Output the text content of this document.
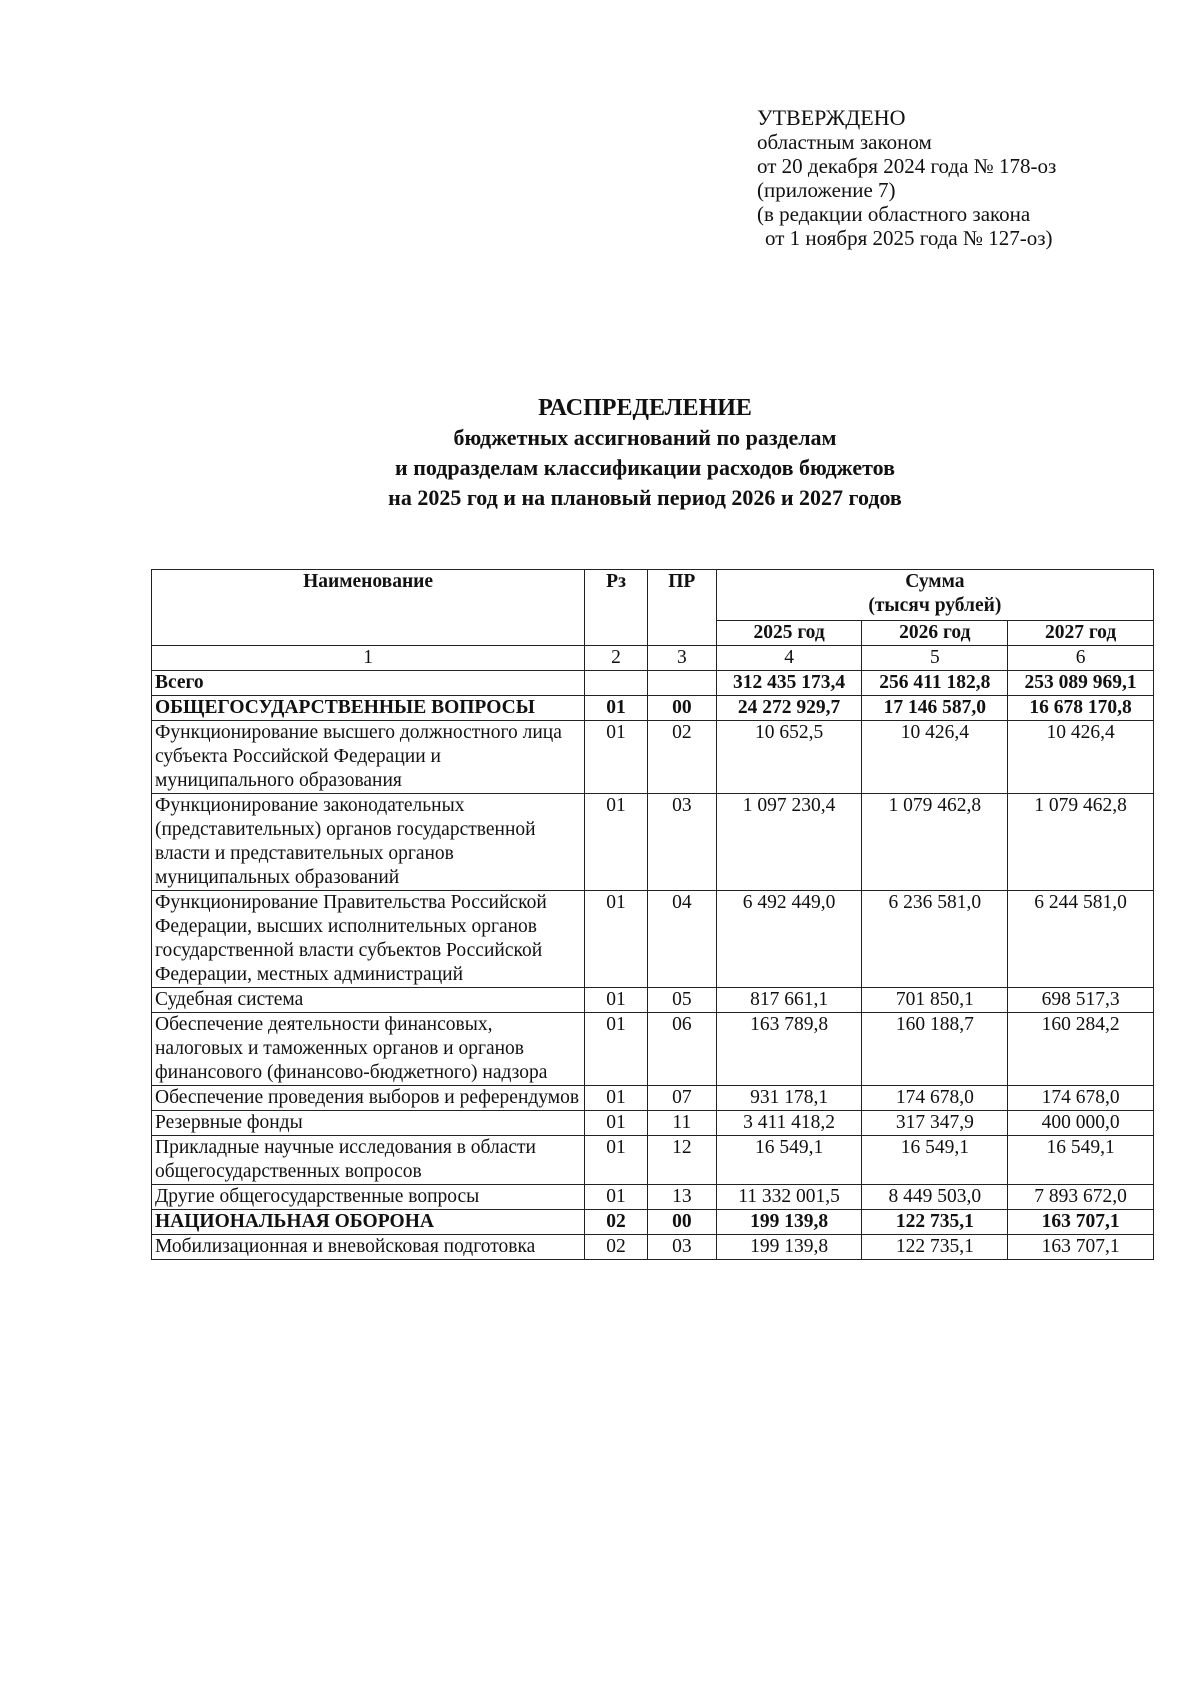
УТВЕРЖДЕНО
областным законом
от 20 декабря 2024 года № 178-оз
(приложение 7)
(в редакции областного закона
от 1 ноября 2025 года № 127-оз)
РАСПРЕДЕЛЕНИЕ
бюджетных ассигнований по разделам
и подразделам классификации расходов бюджетов
на 2025 год и на плановый период 2026 и 2027 годов
Наименование	Рз	ПР	Сумма
(тысяч рублей)		

			2025 год	2026 год	2027 год
1	2	3	4	5	6
Всего			312 435 173,4	256 411 182,8	253 089 969,1
ОБЩЕГОСУДАРСТВЕННЫЕ ВОПРОСЫ	01	00	24 272 929,7	17 146 587,0	16 678 170,8
Функционирование высшего должностного лица субъекта Российской Федерации и муниципального образования	01	02	10 652,5	10 426,4	10 426,4
Функционирование законодательных (представительных) органов государственной власти и представительных органов муниципальных образований	01	03	1 097 230,4	1 079 462,8	1 079 462,8
Функционирование Правительства Российской Федерации, высших исполнительных органов государственной власти субъектов Российской Федерации, местных администраций	01	04	6 492 449,0	6 236 581,0	6 244 581,0
Судебная система	01	05	817 661,1	701 850,1	698 517,3
Обеспечение деятельности финансовых, налоговых и таможенных органов и органов финансового (финансово-бюджетного) надзора	01	06	163 789,8	160 188,7	160 284,2
Обеспечение проведения выборов и референдумов	01	07	931 178,1	174 678,0	174 678,0
Резервные фонды	01	11	3 411 418,2	317 347,9	400 000,0
Прикладные научные исследования в области общегосударственных вопросов	01	12	16 549,1	16 549,1	16 549,1
Другие общегосударственные вопросы	01	13	11 332 001,5	8 449 503,0	7 893 672,0
НАЦИОНАЛЬНАЯ ОБОРОНА	02	00	199 139,8	122 735,1	163 707,1
Мобилизационная и вневойсковая подготовка	02	03	199 139,8	122 735,1	163 707,1
